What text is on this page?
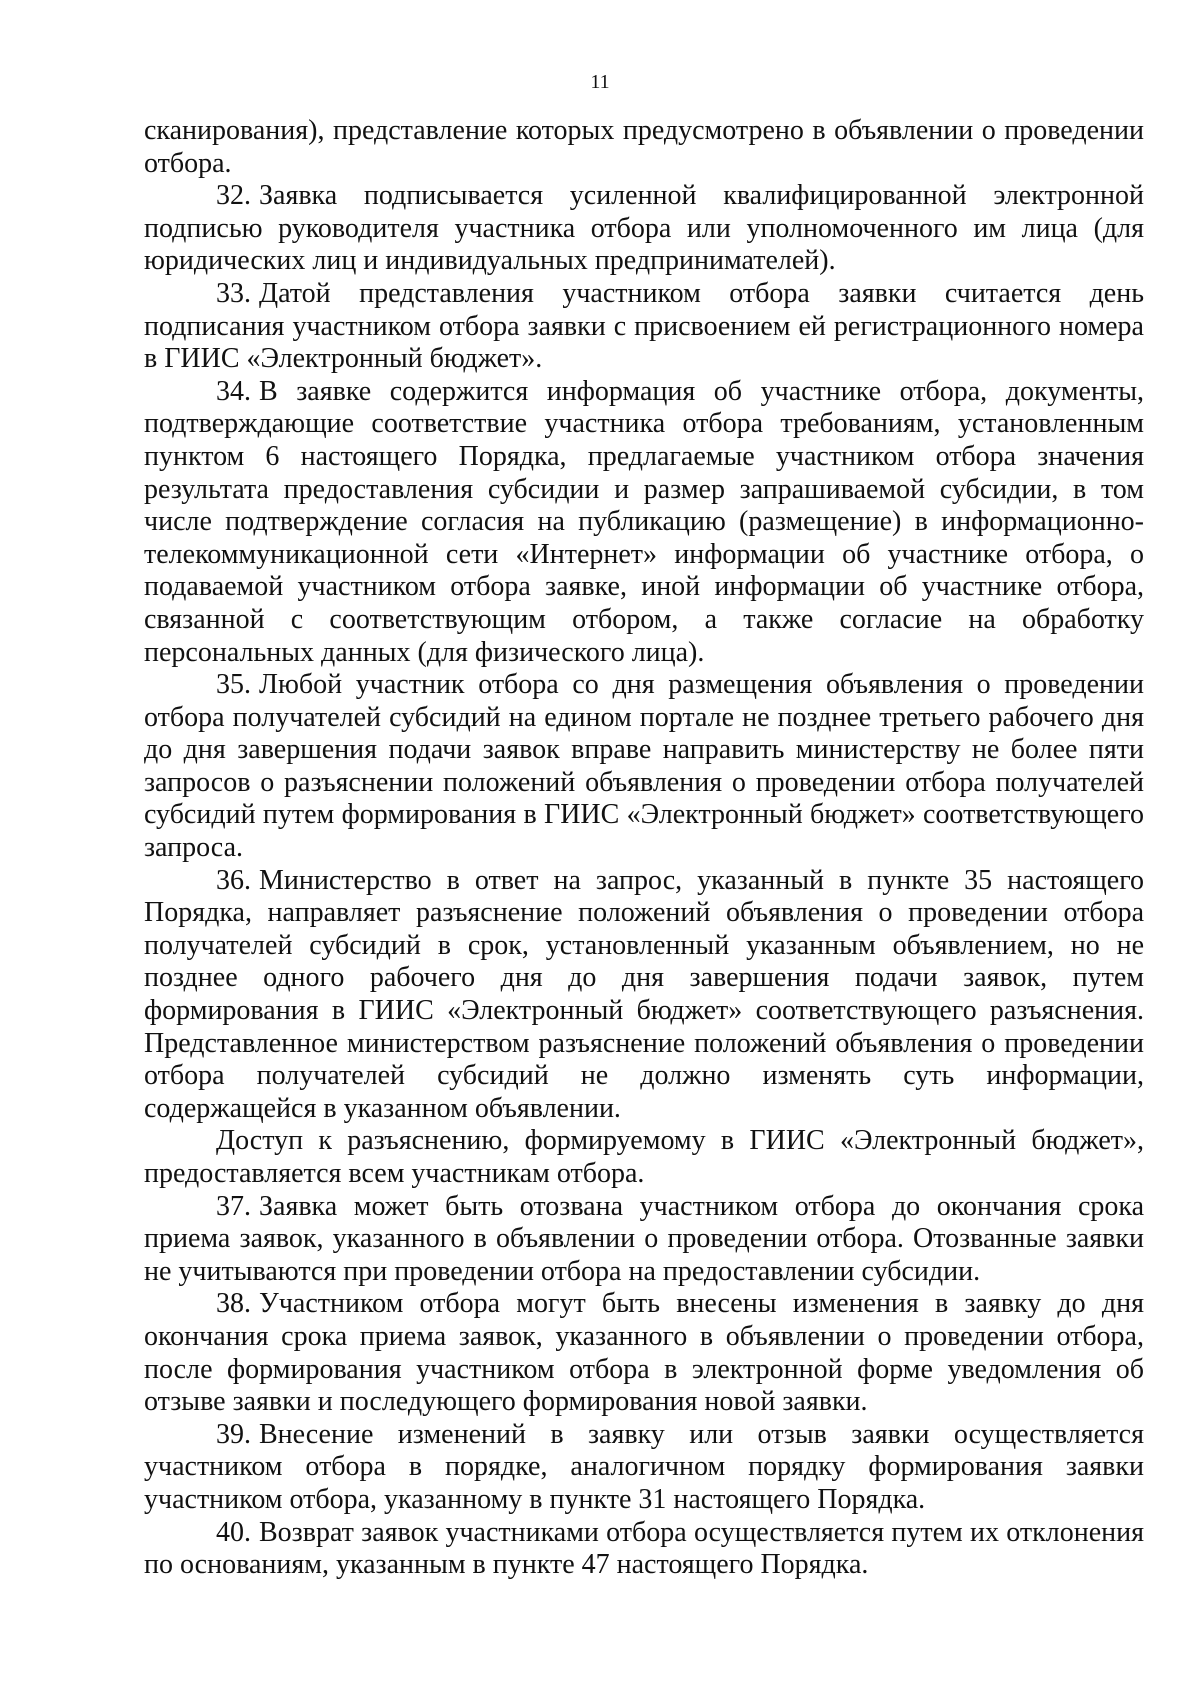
11

сканирования), представление которых предусмотрено в объявлении о проведении отбора.

32. Заявка подписывается усиленной квалифицированной электронной подписью руководителя участника отбора или уполномоченного им лица (для юридических лиц и индивидуальных предпринимателей).

33. Датой представления участником отбора заявки считается день подписания участником отбора заявки с присвоением ей регистрационного номера в ГИИС «Электронный бюджет».

34. В заявке содержится информация об участнике отбора, документы, подтверждающие соответствие участника отбора требованиям, установленным пунктом 6 настоящего Порядка, предлагаемые участником отбора значения результата предоставления субсидии и размер запрашиваемой субсидии, в том числе подтверждение согласия на публикацию (размещение) в информационно-телекоммуникационной сети «Интернет» информации об участнике отбора, о подаваемой участником отбора заявке, иной информации об участнике отбора, связанной с соответствующим отбором, а также согласие на обработку персональных данных (для физического лица).

35. Любой участник отбора со дня размещения объявления о проведении отбора получателей субсидий на едином портале не позднее третьего рабочего дня до дня завершения подачи заявок вправе направить министерству не более пяти запросов о разъяснении положений объявления о проведении отбора получателей субсидий путем формирования в ГИИС «Электронный бюджет» соответствующего запроса.

36. Министерство в ответ на запрос, указанный в пункте 35 настоящего Порядка, направляет разъяснение положений объявления о проведении отбора получателей субсидий в срок, установленный указанным объявлением, но не позднее одного рабочего дня до дня завершения подачи заявок, путем формирования в ГИИС «Электронный бюджет» соответствующего разъяснения. Представленное министерством разъяснение положений объявления о проведении отбора получателей субсидий не должно изменять суть информации, содержащейся в указанном объявлении.

Доступ к разъяснению, формируемому в ГИИС «Электронный бюджет», предоставляется всем участникам отбора.

37. Заявка может быть отозвана участником отбора до окончания срока приема заявок, указанного в объявлении о проведении отбора. Отозванные заявки не учитываются при проведении отбора на предоставлении субсидии.

38. Участником отбора могут быть внесены изменения в заявку до дня окончания срока приема заявок, указанного в объявлении о проведении отбора, после формирования участником отбора в электронной форме уведомления об отзыве заявки и последующего формирования новой заявки.

39. Внесение изменений в заявку или отзыв заявки осуществляется участником отбора в порядке, аналогичном порядку формирования заявки участником отбора, указанному в пункте 31 настоящего Порядка.

40. Возврат заявок участниками отбора осуществляется путем их отклонения по основаниям, указанным в пункте 47 настоящего Порядка.
